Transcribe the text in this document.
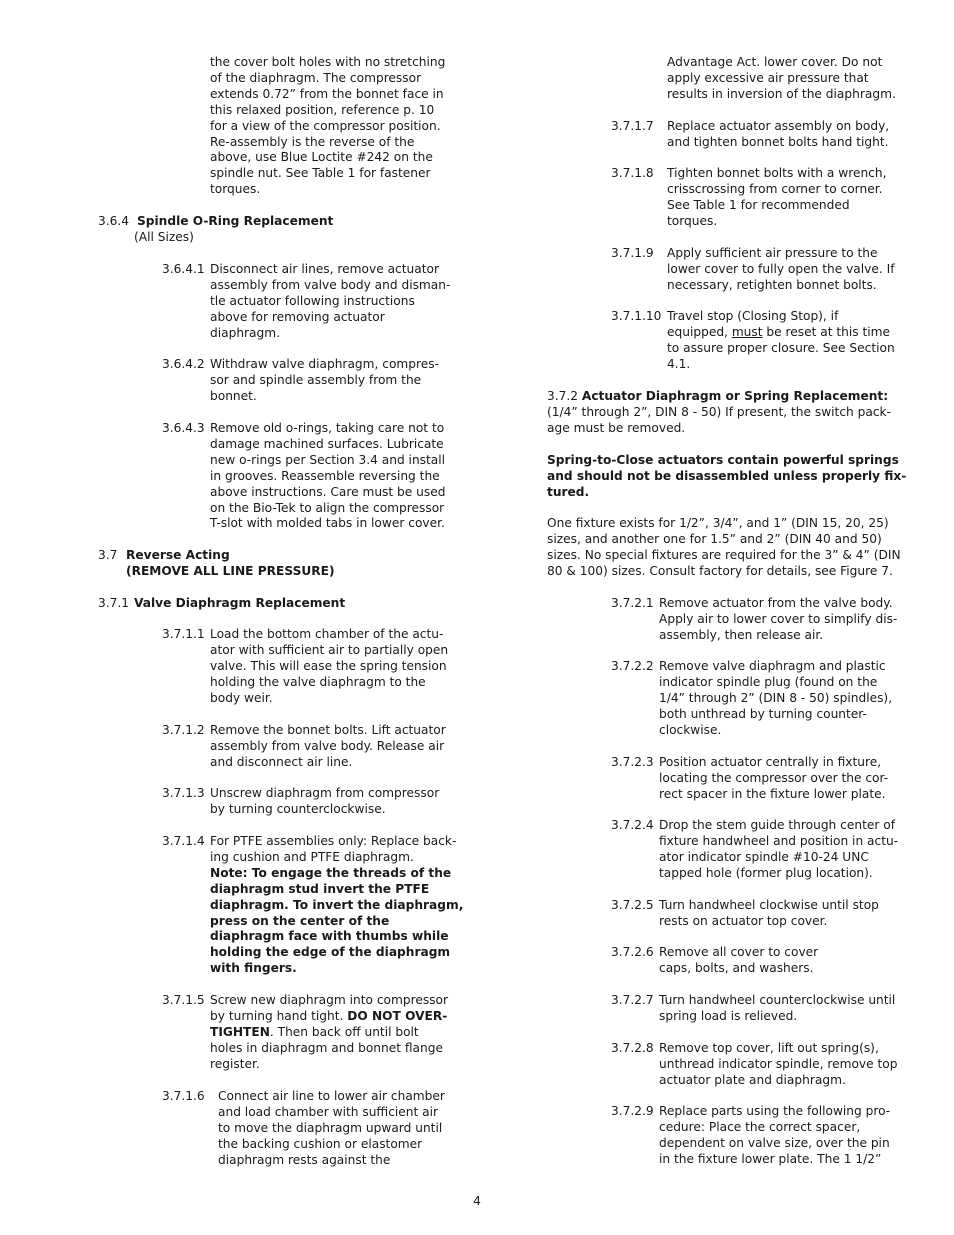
the cover bolt holes with no stretching
of the diaphragm. The compressor
extends 0.72” from the bonnet face in
this relaxed position, reference p. 10
for a view of the compressor position.
Re-assembly is the reverse of the
above, use Blue Loctite #242 on the
spindle nut. See Table 1 for fastener
torques.
3.6.4 Spindle O-Ring Replacement
(All Sizes)
3.6.4.1 Disconnect air lines, remove actuator
assembly from valve body and disman-
tle actuator following instructions
above for removing actuator
diaphragm.
3.6.4.2 Withdraw valve diaphragm, compres-
sor and spindle assembly from the
bonnet.
3.6.4.3 Remove old o-rings, taking care not to
damage machined surfaces. Lubricate
new o-rings per Section 3.4 and install
in grooves. Reassemble reversing the
above instructions. Care must be used
on the Bio-Tek to align the compressor
T-slot with molded tabs in lower cover.
3.7 Reverse Acting
(REMOVE ALL LINE PRESSURE)
3.7.1 Valve Diaphragm Replacement
3.7.1.1 Load the bottom chamber of the actu-
ator with sufficient air to partially open
valve. This will ease the spring tension
holding the valve diaphragm to the
body weir.
3.7.1.2 Remove the bonnet bolts. Lift actuator
assembly from valve body. Release air
and disconnect air line.
3.7.1.3 Unscrew diaphragm from compressor
by turning counterclockwise.
3.7.1.4 For PTFE assemblies only: Replace back-
ing cushion and PTFE diaphragm.
Note: To engage the threads of the
diaphragm stud invert the PTFE
diaphragm. To invert the diaphragm,
press on the center of the
diaphragm face with thumbs while
holding the edge of the diaphragm
with fingers.
3.7.1.5 Screw new diaphragm into compressor
by turning hand tight. DO NOT OVER-
TIGHTEN. Then back off until bolt
holes in diaphragm and bonnet flange
register.
3.7.1.6 Connect air line to lower air chamber
and load chamber with sufficient air
to move the diaphragm upward until
the backing cushion or elastomer
diaphragm rests against the
Advantage Act. lower cover. Do not
apply excessive air pressure that
results in inversion of the diaphragm.
3.7.1.7 Replace actuator assembly on body,
and tighten bonnet bolts hand tight.
3.7.1.8 Tighten bonnet bolts with a wrench,
crisscrossing from corner to corner.
See Table 1 for recommended
torques.
3.7.1.9 Apply sufficient air pressure to the
lower cover to fully open the valve. If
necessary, retighten bonnet bolts.
3.7.1.10 Travel stop (Closing Stop), if
equipped, must be reset at this time
to assure proper closure. See Section
4.1.
3.7.2 Actuator Diaphragm or Spring Replacement:
(1/4” through 2”, DIN 8 - 50) If present, the switch pack-
age must be removed.
Spring-to-Close actuators contain powerful springs
and should not be disassembled unless properly fix-
tured.
One fixture exists for 1/2”, 3/4”, and 1” (DIN 15, 20, 25)
sizes, and another one for 1.5” and 2” (DIN 40 and 50)
sizes. No special fixtures are required for the 3” & 4” (DIN
80 & 100) sizes. Consult factory for details, see Figure 7.
3.7.2.1 Remove actuator from the valve body.
Apply air to lower cover to simplify dis-
assembly, then release air.
3.7.2.2 Remove valve diaphragm and plastic
indicator spindle plug (found on the
1/4” through 2” (DIN 8 - 50) spindles),
both unthread by turning counter-
clockwise.
3.7.2.3 Position actuator centrally in fixture,
locating the compressor over the cor-
rect spacer in the fixture lower plate.
3.7.2.4 Drop the stem guide through center of
fixture handwheel and position in actu-
ator indicator spindle #10-24 UNC
tapped hole (former plug location).
3.7.2.5 Turn handwheel clockwise until stop
rests on actuator top cover.
3.7.2.6 Remove all cover to cover
caps, bolts, and washers.
3.7.2.7 Turn handwheel counterclockwise until
spring load is relieved.
3.7.2.8 Remove top cover, lift out spring(s),
unthread indicator spindle, remove top
actuator plate and diaphragm.
3.7.2.9 Replace parts using the following pro-
cedure: Place the correct spacer,
dependent on valve size, over the pin
in the fixture lower plate. The 1 1/2”
4
